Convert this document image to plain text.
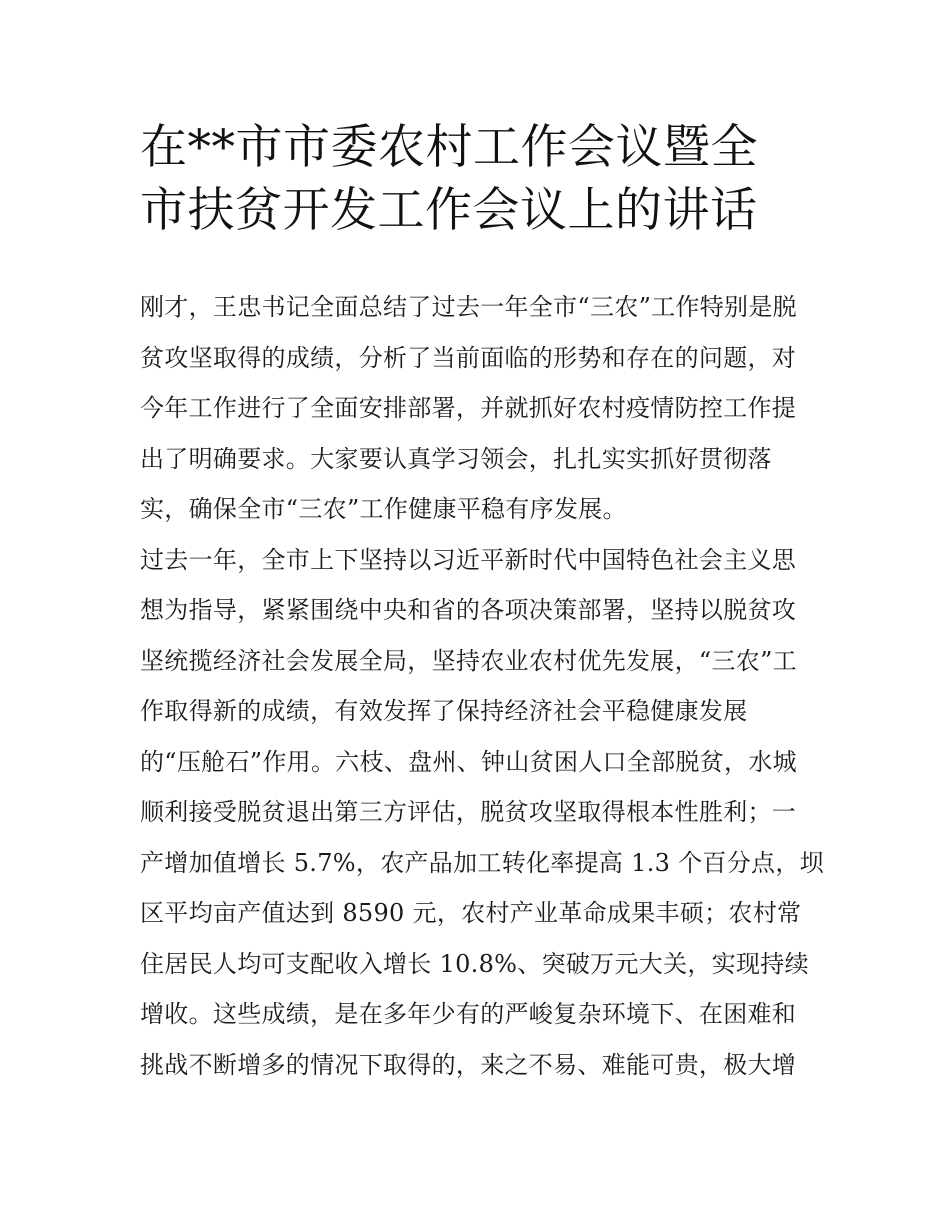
在**市市委农村工作会议暨全
市扶贫开发工作会议上的讲话

刚才，王忠书记全面总结了过去一年全市“三农”工作特别是脱
贫攻坚取得的成绩，分析了当前面临的形势和存在的问题，对
今年工作进行了全面安排部署，并就抓好农村疫情防控工作提
出了明确要求。大家要认真学习领会，扎扎实实抓好贯彻落
实，确保全市“三农”工作健康平稳有序发展。

过去一年，全市上下坚持以习近平新时代中国特色社会主义思
想为指导，紧紧围绕中央和省的各项决策部署，坚持以脱贫攻
坚统揽经济社会发展全局，坚持农业农村优先发展，“三农”工
作取得新的成绩，有效发挥了保持经济社会平稳健康发展
的“压舱石”作用。六枝、盘州、钟山贫困人口全部脱贫，水城
顺利接受脱贫退出第三方评估，脱贫攻坚取得根本性胜利；一
产增加值增长 5.7%，农产品加工转化率提高 1.3 个百分点，坝
区平均亩产值达到 8590 元，农村产业革命成果丰硕；农村常
住居民人均可支配收入增长 10.8%、突破万元大关，实现持续
增收。这些成绩，是在多年少有的严峻复杂环境下、在困难和
挑战不断增多的情况下取得的，来之不易、难能可贵，极大增
